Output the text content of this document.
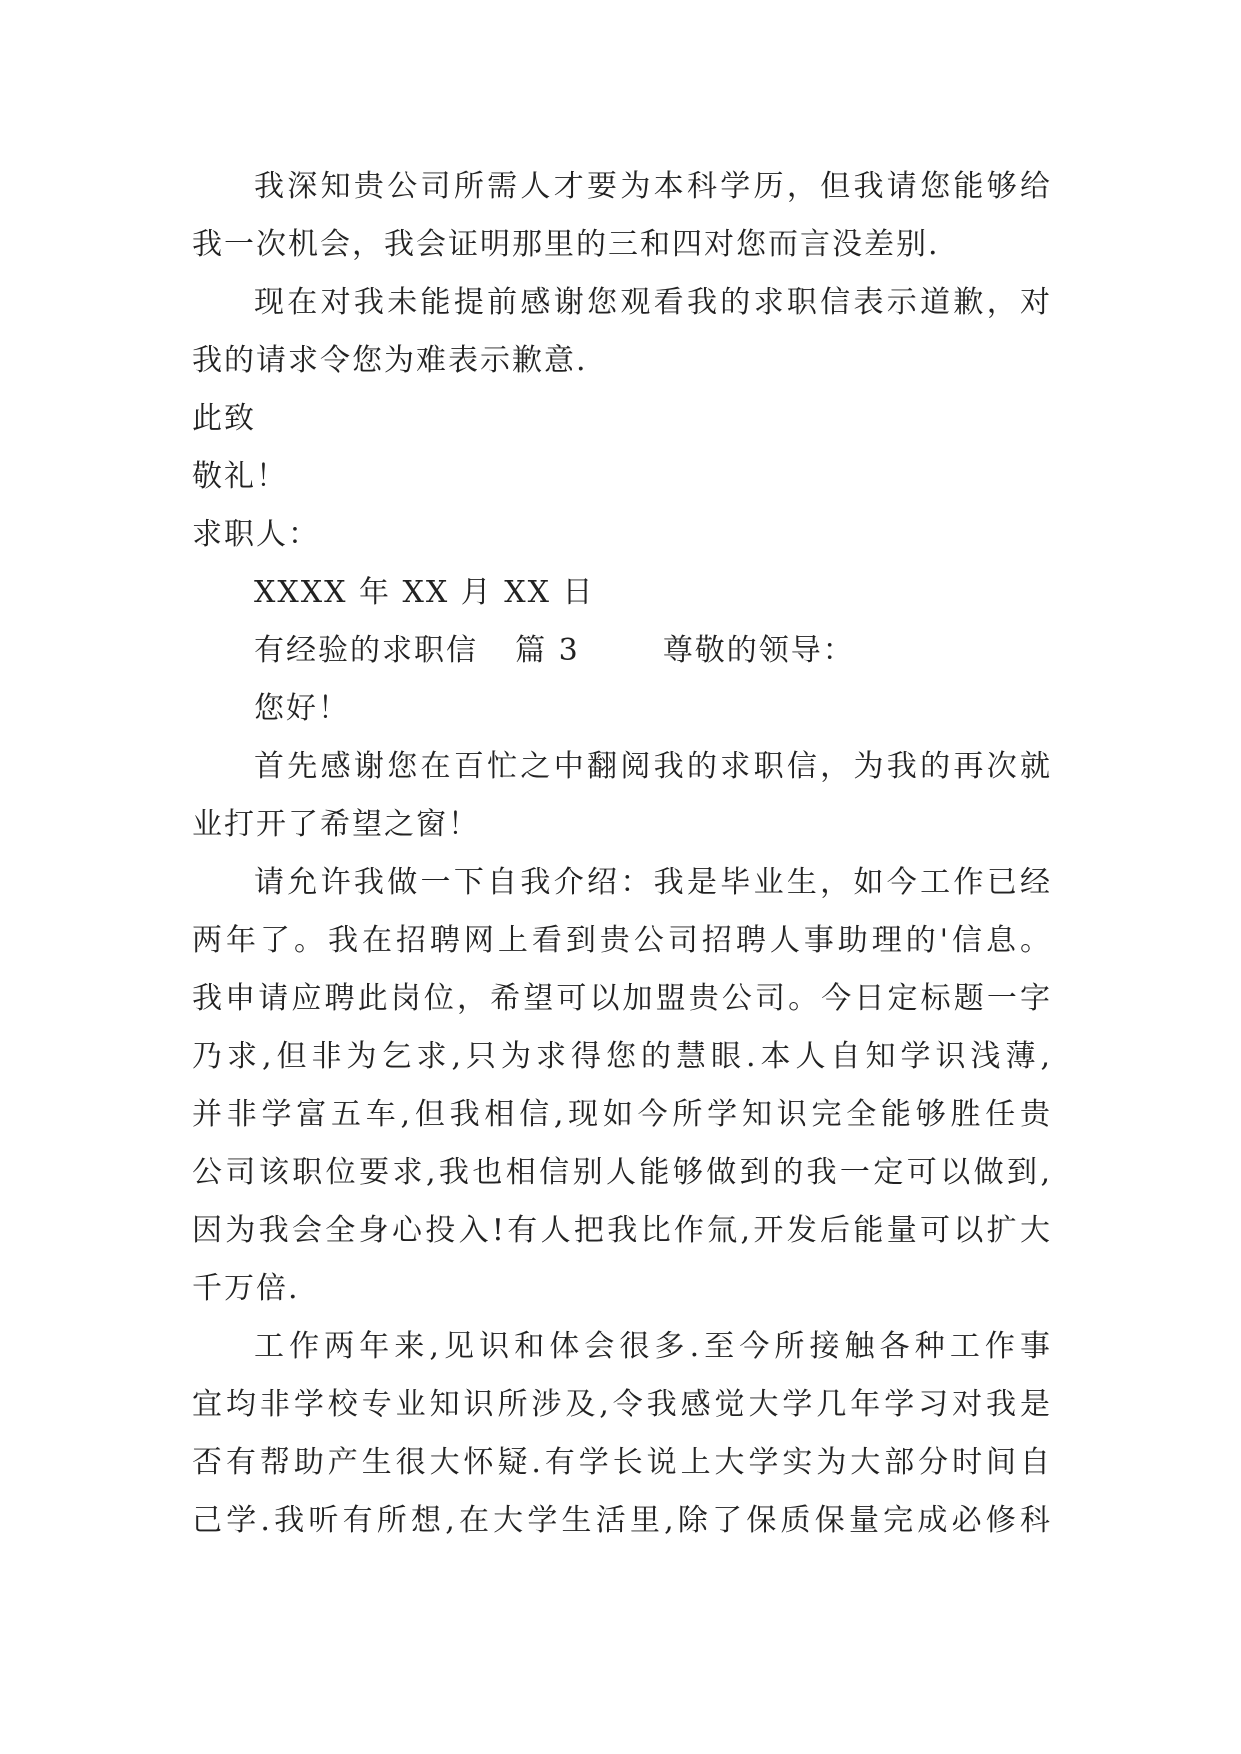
我深知贵公司所需人才要为本科学历，但我请您能够给
我一次机会，我会证明那里的三和四对您而言没差别.
现在对我未能提前感谢您观看我的求职信表示道歉，对
我的请求令您为难表示歉意.
此致
敬礼！
求职人：
XXXX 年 XX 月 XX 日
有经验的求职信 篇 3	尊敬的领导：
您好！
首先感谢您在百忙之中翻阅我的求职信，为我的再次就
业打开了希望之窗！
请允许我做一下自我介绍：我是毕业生，如今工作已经
两年了。我在招聘网上看到贵公司招聘人事助理的'信息。
我申请应聘此岗位，希望可以加盟贵公司。今日定标题一字
乃求,但非为乞求,只为求得您的慧眼.本人自知学识浅薄,
并非学富五车,但我相信,现如今所学知识完全能够胜任贵
公司该职位要求,我也相信别人能够做到的我一定可以做到,
因为我会全身心投入!有人把我比作氚,开发后能量可以扩大
千万倍.
工作两年来,见识和体会很多.至今所接触各种工作事
宜均非学校专业知识所涉及,令我感觉大学几年学习对我是
否有帮助产生很大怀疑.有学长说上大学实为大部分时间自
己学.我听有所想,在大学生活里,除了保质保量完成必修科
